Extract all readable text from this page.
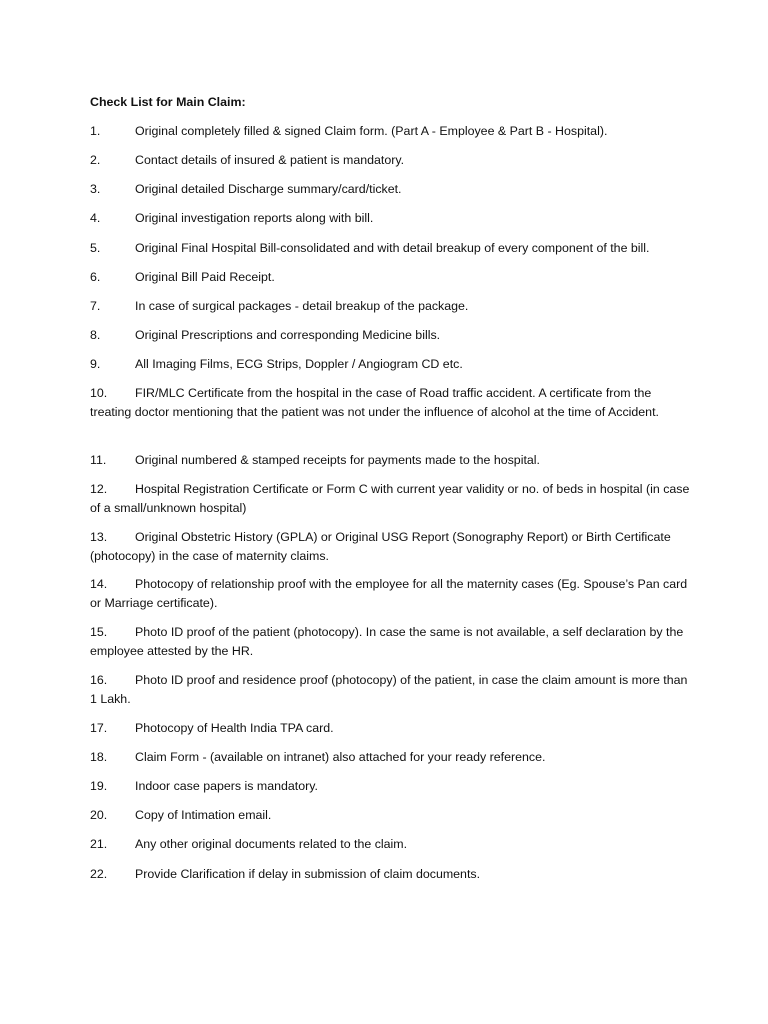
Check List for Main Claim:
1.	Original completely filled & signed Claim form. (Part A - Employee & Part B - Hospital).
2.	Contact details of insured & patient is mandatory.
3.	Original detailed Discharge summary/card/ticket.
4.	Original investigation reports along with bill.
5.	Original Final Hospital Bill-consolidated and with detail breakup of every component of the bill.
6.	Original Bill Paid Receipt.
7.	In case of surgical packages - detail breakup of the package.
8.	Original Prescriptions and corresponding Medicine bills.
9.	All Imaging Films, ECG Strips, Doppler / Angiogram CD etc.
10. FIR/MLC Certificate from the hospital in the case of Road traffic accident. A certificate from the treating doctor mentioning that the patient was not under the influence of alcohol at the time of Accident.
11. Original numbered & stamped receipts for payments made to the hospital.
12. Hospital Registration Certificate or Form C with current year validity or no. of beds in hospital (in case of a small/unknown hospital)
13. Original Obstetric History (GPLA) or Original USG Report (Sonography Report) or Birth Certificate (photocopy) in the case of maternity claims.
14. Photocopy of relationship proof with the employee for all the maternity cases (Eg. Spouse’s Pan card or Marriage certificate).
15. Photo ID proof of the patient (photocopy). In case the same is not available, a self declaration by the employee attested by the HR.
16. Photo ID proof and residence proof (photocopy) of the patient, in case the claim amount is more than 1 Lakh.
17. Photocopy of Health India TPA card.
18. Claim Form - (available on intranet) also attached for your ready reference.
19. Indoor case papers is mandatory.
20. Copy of Intimation email.
21. Any other original documents related to the claim.
22. Provide Clarification if delay in submission of claim documents.
